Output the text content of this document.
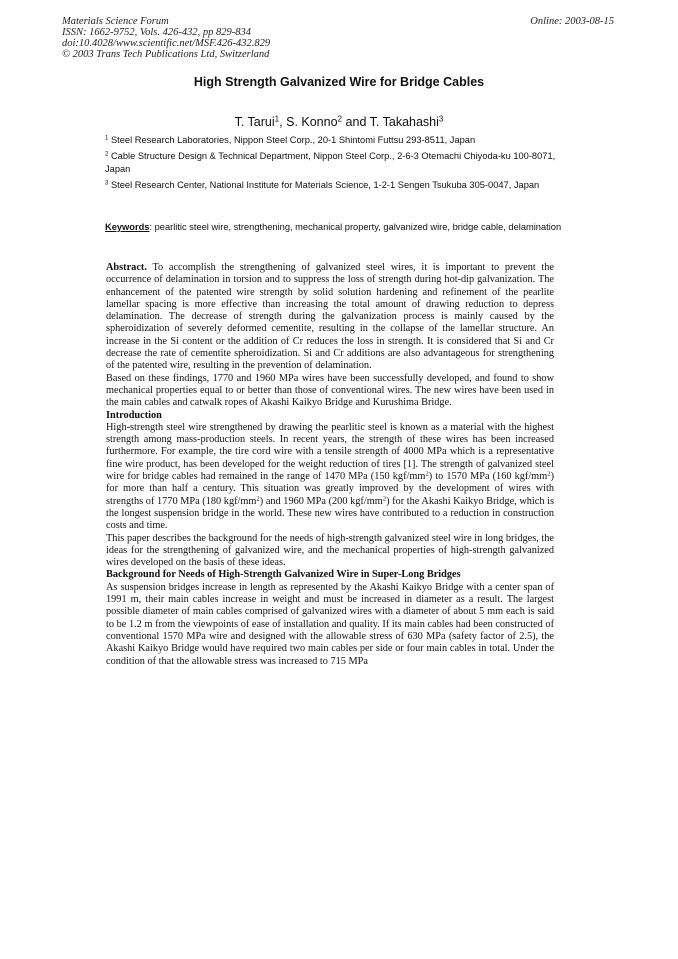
Materials Science Forum
ISSN: 1662-9752, Vols. 426-432, pp 829-834
doi:10.4028/www.scientific.net/MSF.426-432.829
© 2003 Trans Tech Publications Ltd, Switzerland
Online: 2003-08-15
High Strength Galvanized Wire for Bridge Cables
T. Tarui$^1$, S. Konno$^2$ and T. Takahashi$^3$
$^1$ Steel Research Laboratories, Nippon Steel Corp., 20-1 Shintomi Futtsu 293-8511, Japan
$^2$ Cable Structure Design & Technical Department, Nippon Steel Corp., 2-6-3 Otemachi Chiyoda-ku 100-8071, Japan
$^3$ Steel Research Center, National Institute for Materials Science, 1-2-1 Sengen Tsukuba 305-0047, Japan
Keywords: pearlitic steel wire, strengthening, mechanical property, galvanized wire, bridge cable, delamination

Abstract. To accomplish the strengthening of galvanized steel wires, it is important to prevent the occurrence of delamination in torsion and to suppress the loss of strength during hot-dip galvanization. The enhancement of the patented wire strength by solid solution hardening and refinement of the pearlite lamellar spacing is more effective than increasing the total amount of drawing reduction to depress delamination. The decrease of strength during the galvanization process is mainly caused by the spheroidization of severely deformed cementite, resulting in the collapse of the lamellar structure. An increase in the Si content or the addition of Cr reduces the loss in strength. It is considered that Si and Cr decrease the rate of cementite spheroidization. Si and Cr additions are also advantageous for strengthening of the patented wire, resulting in the prevention of delamination.

Based on these findings, 1770 and 1960 MPa wires have been successfully developed, and found to show mechanical properties equal to or better than those of conventional wires. The new wires have been used in the main cables and catwalk ropes of Akashi Kaikyo Bridge and Kurushima Bridge.

Introduction

High-strength steel wire strengthened by drawing the pearlitic steel is known as a material with the highest strength among mass-production steels. In recent years, the strength of these wires has been increased furthermore. For example, the tire cord wire with a tensile strength of 4000 MPa which is a representative fine wire product, has been developed for the weight reduction of tires [1]. The strength of galvanized steel wire for bridge cables had remained in the range of 1470 MPa (150 kgf/$mm^2$) to 1570 MPa (160 kgf/$mm^2$) for more than half a century. This situation was greatly improved by the development of wires with strengths of 1770 MPa (180 kgf/$mm^2$) and 1960 MPa (200 kgf/$mm^2$) for the Akashi Kaikyo Bridge, which is the longest suspension bridge in the world. These new wires have contributed to a reduction in construction costs and time.

This paper describes the background for the needs of high-strength galvanized steel wire in long bridges, the ideas for the strengthening of galvanized wire, and the mechanical properties of high-strength galvanized wires developed on the basis of these ideas.

Background for Needs of High-Strength Galvanized Wire in Super-Long Bridges

As suspension bridges increase in length as represented by the Akashi Kaikyo Bridge with a center span of 1991 m, their main cables increase in weight and must be increased in diameter as a result. The largest possible diameter of main cables comprised of galvanized wires with a diameter of about 5 mm each is said to be 1.2 m from the viewpoints of ease of installation and quality. If its main cables had been constructed of conventional 1570 MPa wire and designed with the allowable stress of 630 MPa (safety factor of 2.5), the Akashi Kaikyo Bridge would have required two main cables per side or four main cables in total. Under the condition of that the allowable stress was increased to 715 MPa
